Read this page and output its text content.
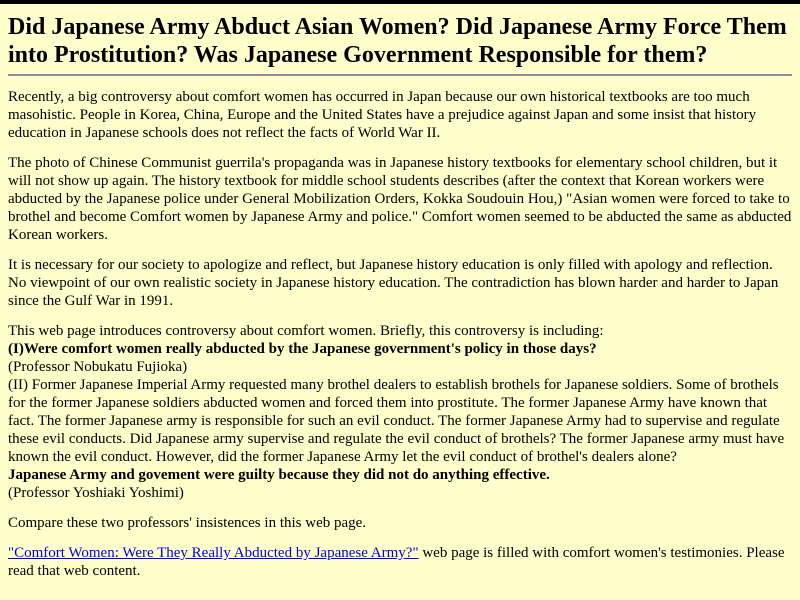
Did Japanese Army Abduct Asian Women? Did Japanese Army Force Them into Prostitution? Was Japanese Government Responsible for them?

Recently, a big controversy about comfort women has occurred in Japan because our own historical textbooks are too much masohistic. People in Korea, China, Europe and the United States have a prejudice against Japan and some insist that history education in Japanese schools does not reflect the facts of World War II.

The photo of Chinese Communist guerrila's propaganda was in Japanese history textbooks for elementary school children, but it will not show up again. The history textbook for middle school students describes (after the context that Korean workers were abducted by the Japanese police under General Mobilization Orders, Kokka Soudouin Hou,) "Asian women were forced to take to brothel and become Comfort women by Japanese Army and police." Comfort women seemed to be abducted the same as abducted Korean workers.

It is necessary for our society to apologize and reflect, but Japanese history education is only filled with apology and reflection. No viewpoint of our own realistic society in Japanese history education. The contradiction has blown harder and harder to Japan since the Gulf War in 1991.

This web page introduces controversy about comfort women. Briefly, this controversy is including:
(I)Were comfort women really abducted by the Japanese government's policy in those days?
(Professor Nobukatu Fujioka)
(II) Former Japanese Imperial Army requested many brothel dealers to establish brothels for Japanese soldiers. Some of brothels for the former Japanese soldiers abducted women and forced them into prostitute. The former Japanese Army have known that fact. The former Japanese army is responsible for such an evil conduct. The former Japanese Army had to supervise and regulate these evil conducts. Did Japanese army supervise and regulate the evil conduct of brothels? The former Japanese army must have known the evil conduct. However, did the former Japanese Army let the evil conduct of brothel's dealers alone?
Japanese Army and govement were guilty because they did not do anything effective.
(Professor Yoshiaki Yoshimi)

Compare these two professors' insistences in this web page.

"Comfort Women: Were They Really Abducted by Japanese Army?" web page is filled with comfort women's testimonies. Please read that web content.
